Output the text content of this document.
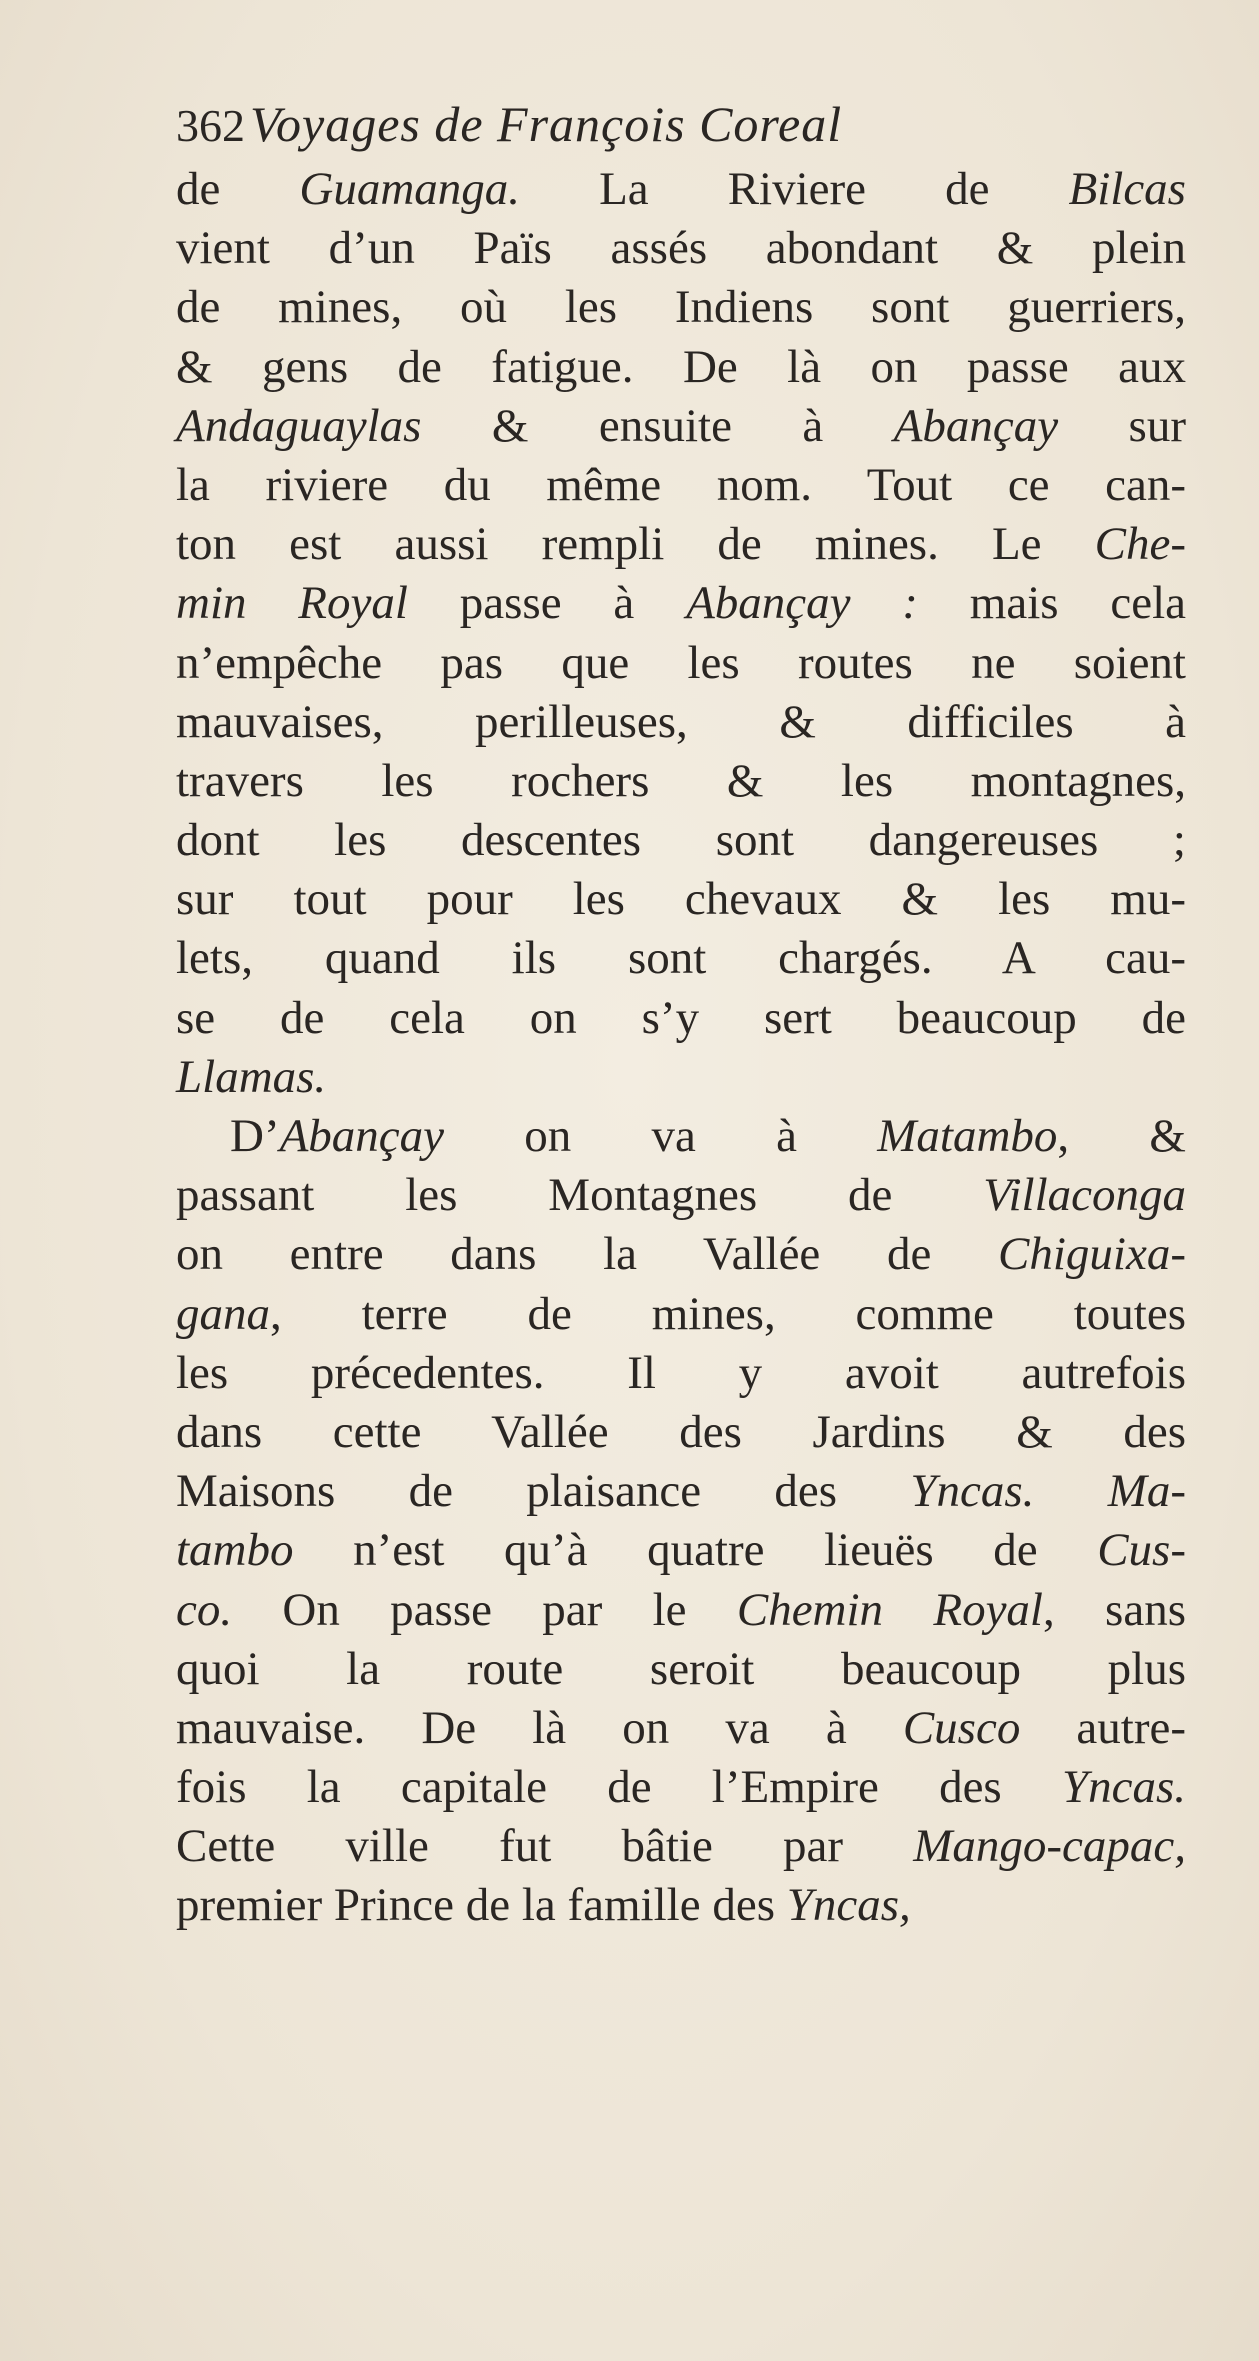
362 Voyages de François Coreal
de Guamanga. La Riviere de Bilcas
vient d’un Païs assés abondant & plein
de mines, où les Indiens sont guerriers,
& gens de fatigue. De là on passe aux
Andaguaylas & ensuite à Abançay sur
la riviere du même nom. Tout ce can-
ton est aussi rempli de mines. Le Che-
min Royal passe à Abançay : mais cela
n’empêche pas que les routes ne soient
mauvaises, perilleuses, & difficiles à
travers les rochers & les montagnes,
dont les descentes sont dangereuses ;
sur tout pour les chevaux & les mu-
lets, quand ils sont chargés. A cau-
se de cela on s’y sert beaucoup de
Llamas.
D’Abançay on va à Matambo, &
passant les Montagnes de Villaconga
on entre dans la Vallée de Chiguixa-
gana, terre de mines, comme toutes
les précedentes. Il y avoit autrefois
dans cette Vallée des Jardins & des
Maisons de plaisance des Yncas. Ma-
tambo n’est qu’à quatre lieuës de Cus-
co. On passe par le Chemin Royal, sans
quoi la route seroit beaucoup plus
mauvaise. De là on va à Cusco autre-
fois la capitale de l’Empire des Yncas.
Cette ville fut bâtie par Mango-capac,
premier Prince de la famille des Yncas,
